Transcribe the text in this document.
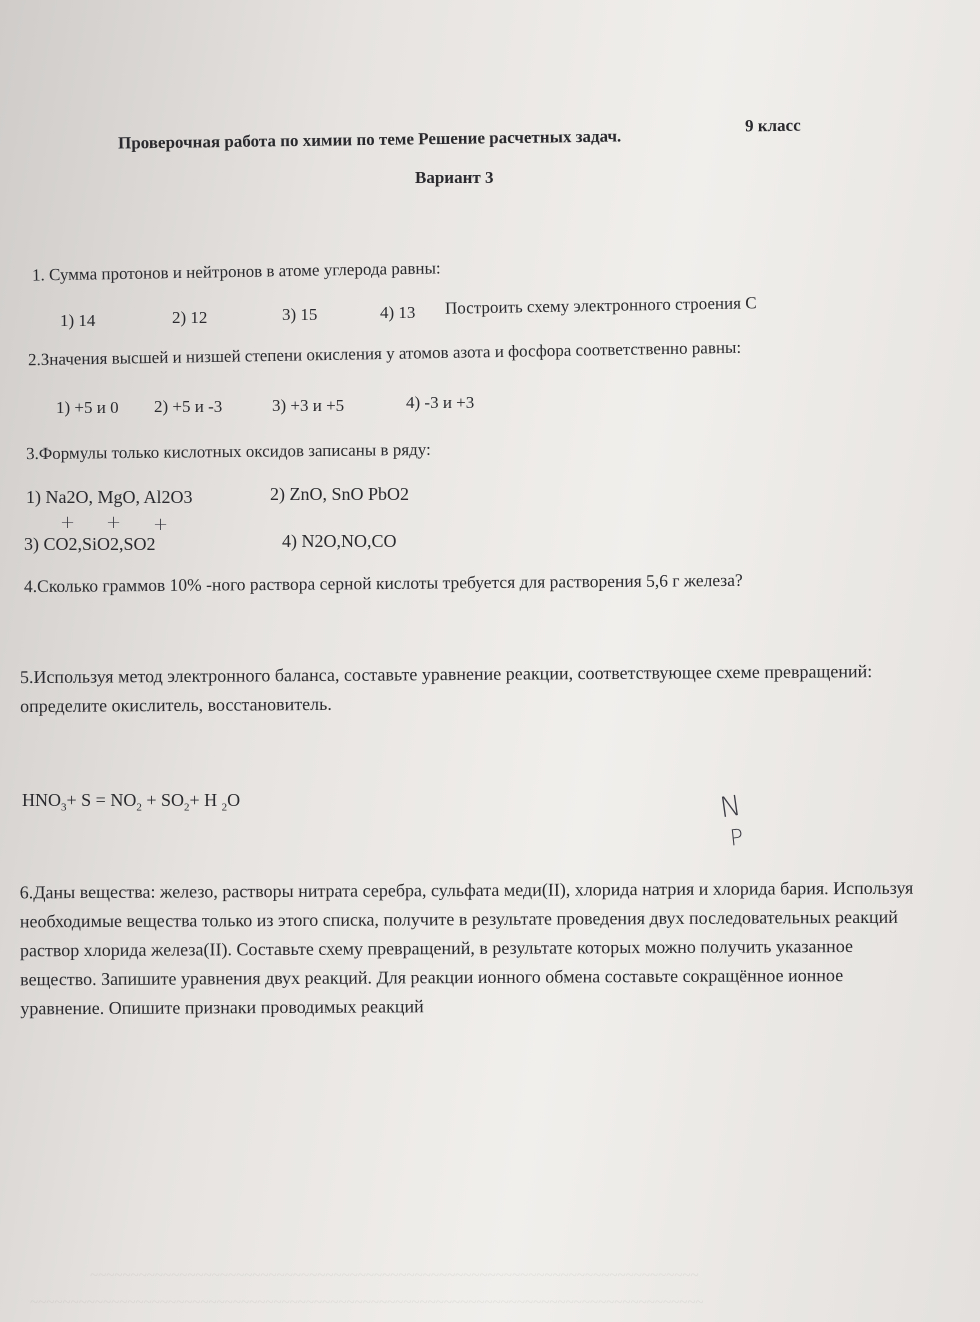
~~~~~~~~~~~~~~~~~~~~~~~~~~~~~~~~~~~~~~~~~~~~~~~~~~~~~~~~~~~~~~~~~~~~~~~~~~~
~~~~~~~~~~~~~~~~~~~~~~~~~~~~~~~~~~~~~~~~~~~~~~~~~~~~~~~~~~~~~~~~~~~~~~~~~~~~~~~~~~~
Проверочная работа по химии по теме Решение расчетных задач.
9 класс
Вариант 3
1. Сумма протонов и нейтронов в атоме углерода равны:
1) 14	2) 12	3) 15	4) 13 Построить схему электронного строения С
2.Значения высшей и низшей степени окисления у атомов азота и фосфора соответственно равны:
1) +5 и 0 2) +5 и -3	3) +3 и +5	4) -3 и +3
3.Формулы только кислотных оксидов записаны в ряду:
1) Na2O, MgO, Al2O3	2) ZnO, SnO PbO2
+ + +
3) CO2,SiO2,SO2	4) N2O,NO,CO
4.Сколько граммов 10% -ного раствора серной кислоты требуется для растворения 5,6 г железа?
5.Используя метод электронного баланса, составьте уравнение реакции, соответствующее схеме превращений: определите окислитель, восстановитель.
$HNO_3+ S = NO_2 + SO_2+ H$ $_2$O	N
P
6.Даны вещества: железо, растворы нитрата серебра, сульфата меди(II), хлорида натрия и хлорида бария. Используя необходимые вещества только из этого списка, получите в результате проведения двух последовательных реакций раствор хлорида железа(II). Составьте схему превращений, в результате которых можно получить указанное вещество. Запишите уравнения двух реакций. Для реакции ионного обмена составьте сокращённое ионное уравнение. Опишите признаки проводимых реакций
